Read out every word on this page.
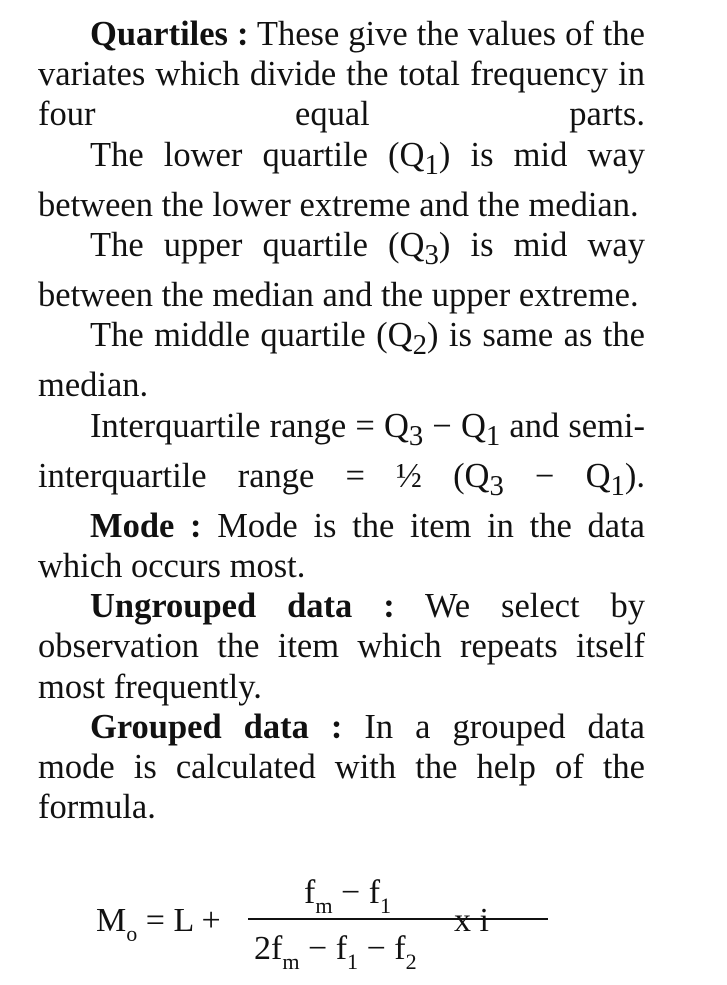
Quartiles : These give the values of the variates which divide the total frequency in four equal parts.

The lower quartile $(Q_1)$ is mid way between the lower extreme and the median.

The upper quartile $(Q_3)$ is mid way between the median and the upper extreme.

The middle quartile $(Q_2)$ is same as the median.

Interquartile range = $Q_3 - Q_1$ and semi-interquartile range = ½ $(Q_3 - Q_1)$.

Mode : Mode is the item in the data which occurs most.

Ungrouped data : We select by observation the item which repeats itself most frequently.

Grouped data : In a grouped data mode is calculated with the help of the formula.

$M_o = L$ +
$f_m - f_1$
$2f_m - f_1 - f_2$
x i
